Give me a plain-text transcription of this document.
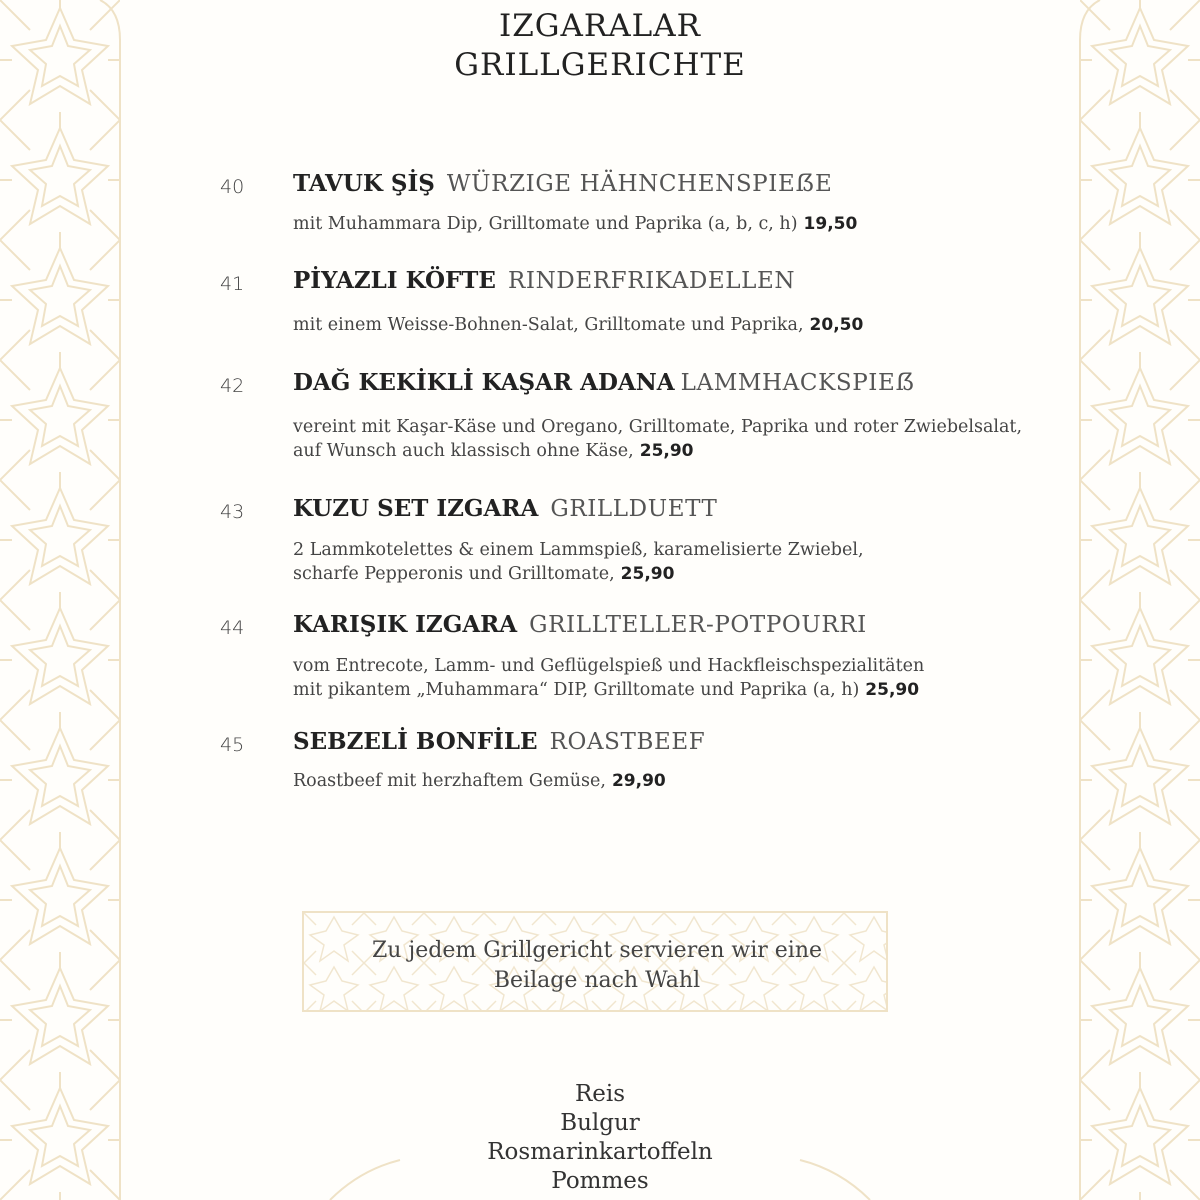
IZGARALAR
GRILLGERICHTE
40 TAVUK ŞİŞ WÜRZIGE HÄHNCHENSPIEẞE
mit Muhammara Dip, Grilltomate und Paprika (a, b, c, h) 19,50
41 PİYAZLI KÖFTE RINDERFRIKADELLEN
mit einem Weisse-Bohnen-Salat, Grilltomate und Paprika, 20,50
42 DAĞ KEKİKLİ KAŞAR ADANA LAMMHACKSPIEẞ
vereint mit Kaşar-Käse und Oregano, Grilltomate, Paprika und roter Zwiebelsalat,
auf Wunsch auch klassisch ohne Käse, 25,90
43 KUZU SET IZGARA GRILLDUETT
2 Lammkotelettes & einem Lammspieß, karamelisierte Zwiebel,
scharfe Pepperonis und Grilltomate, 25,90
44 KARIŞIK IZGARA GRILLTELLER-POTPOURRI
vom Entrecote, Lamm- und Geflügelspieß und Hackfleischspezialitäten
mit pikantem „Muhammara“ DIP, Grilltomate und Paprika (a, h) 25,90
45 SEBZELİ BONFİLE ROASTBEEF
Roastbeef mit herzhaftem Gemüse, 29,90
Zu jedem Grillgericht servieren wir eine
Beilage nach Wahl
Reis
Bulgur
Rosmarinkartoffeln
Pommes
